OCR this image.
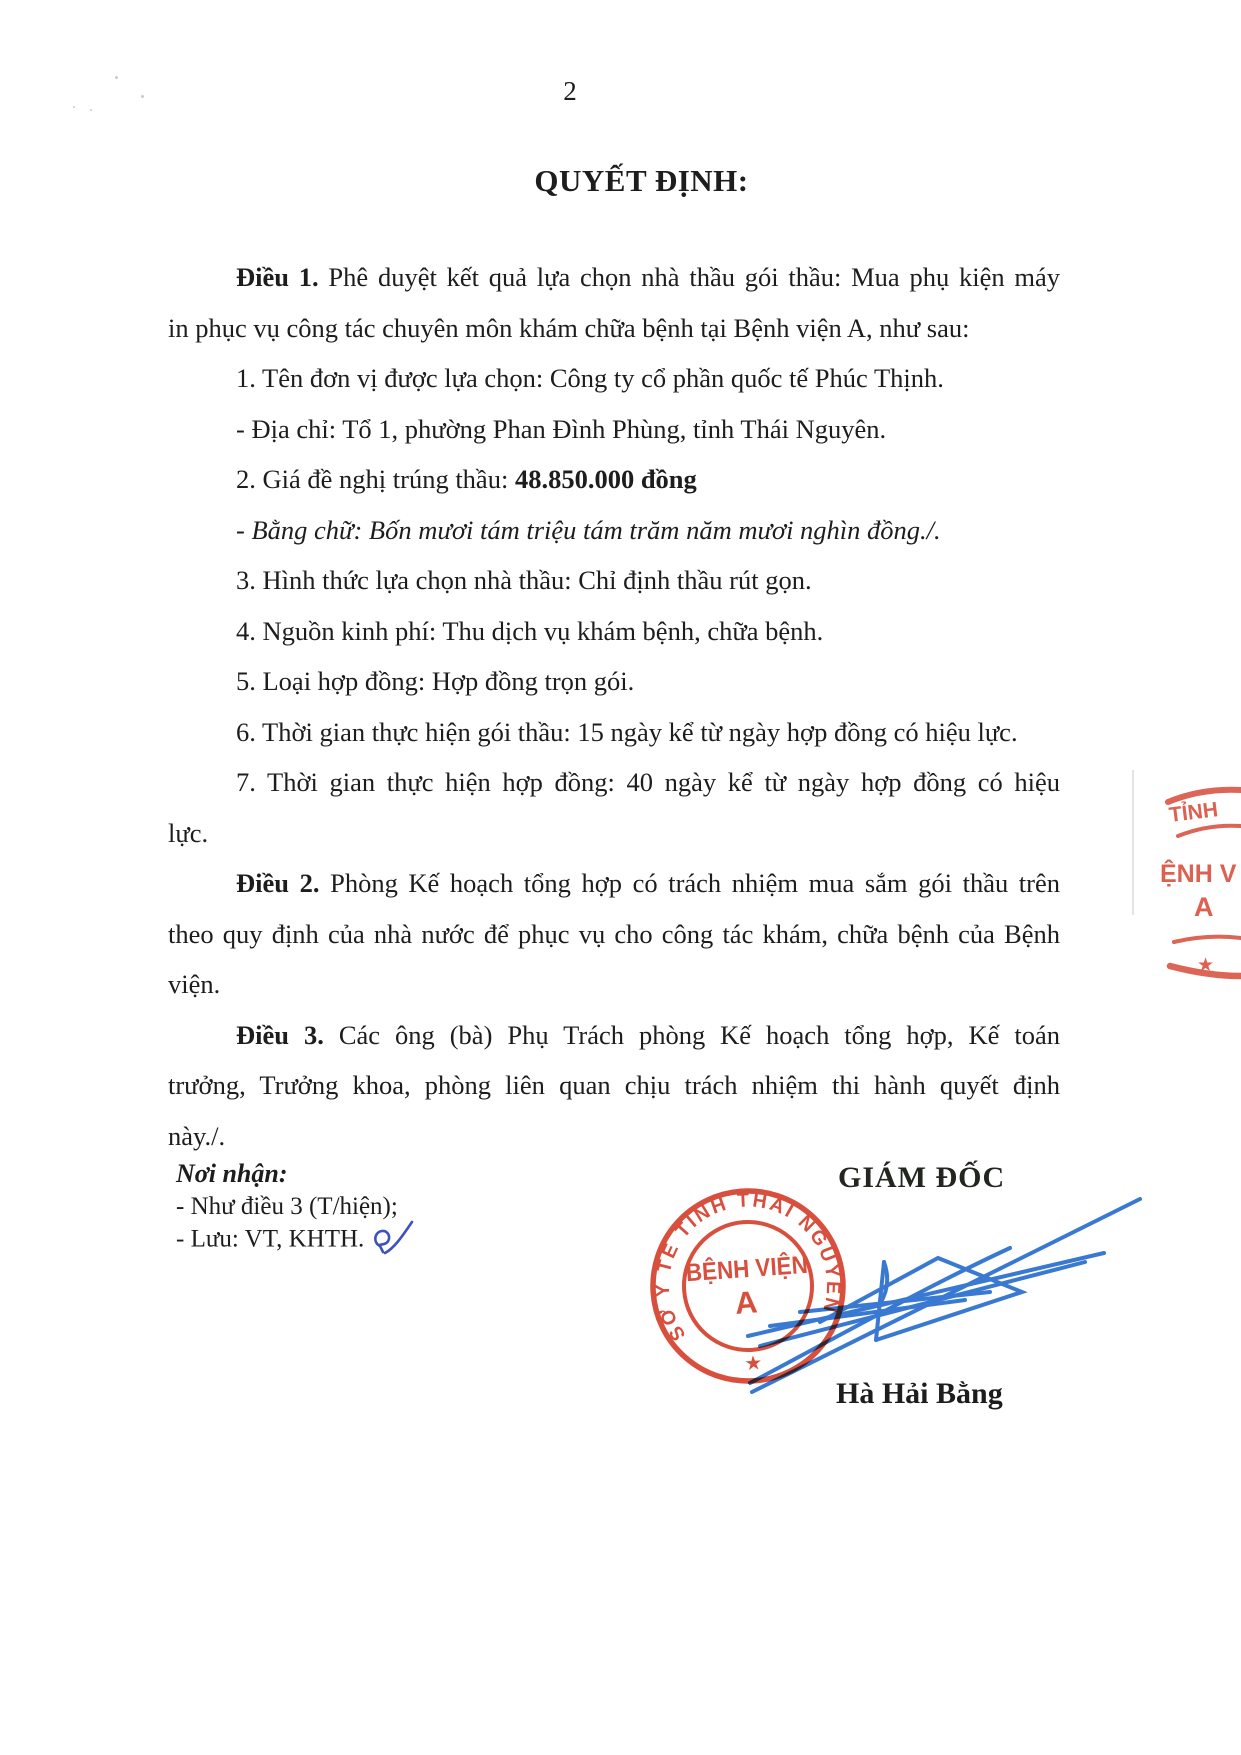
2
QUYẾT ĐỊNH:
Điều 1. Phê duyệt kết quả lựa chọn nhà thầu gói thầu: Mua phụ kiện máy
in phục vụ công tác chuyên môn khám chữa bệnh tại Bệnh viện A, như sau:
1. Tên đơn vị được lựa chọn: Công ty cổ phần quốc tế Phúc Thịnh.
- Địa chỉ: Tổ 1, phường Phan Đình Phùng, tỉnh Thái Nguyên.
2. Giá đề nghị trúng thầu: 48.850.000 đồng
- Bằng chữ: Bốn mươi tám triệu tám trăm năm mươi nghìn đồng./.
3. Hình thức lựa chọn nhà thầu: Chỉ định thầu rút gọn.
4. Nguồn kinh phí: Thu dịch vụ khám bệnh, chữa bệnh.
5. Loại hợp đồng: Hợp đồng trọn gói.
6. Thời gian thực hiện gói thầu: 15 ngày kể từ ngày hợp đồng có hiệu lực.
7. Thời gian thực hiện hợp đồng: 40 ngày kể từ ngày hợp đồng có hiệu
lực.
Điều 2. Phòng Kế hoạch tổng hợp có trách nhiệm mua sắm gói thầu trên
theo quy định của nhà nước để phục vụ cho công tác khám, chữa bệnh của Bệnh
viện.
Điều 3. Các ông (bà) Phụ Trách phòng Kế hoạch tổng hợp, Kế toán
trưởng, Trưởng khoa, phòng liên quan chịu trách nhiệm thi hành quyết định
này./.
Nơi nhận:
- Như điều 3 (T/hiện);
- Lưu: VT, KHTH.
GIÁM ĐỐC
SỞ Y TẾ TỈNH THÁI NGUYÊN
BỆNH VIỆN
A
★
Hà Hải Bằng
TỈNH
ỆNH V
A
★
